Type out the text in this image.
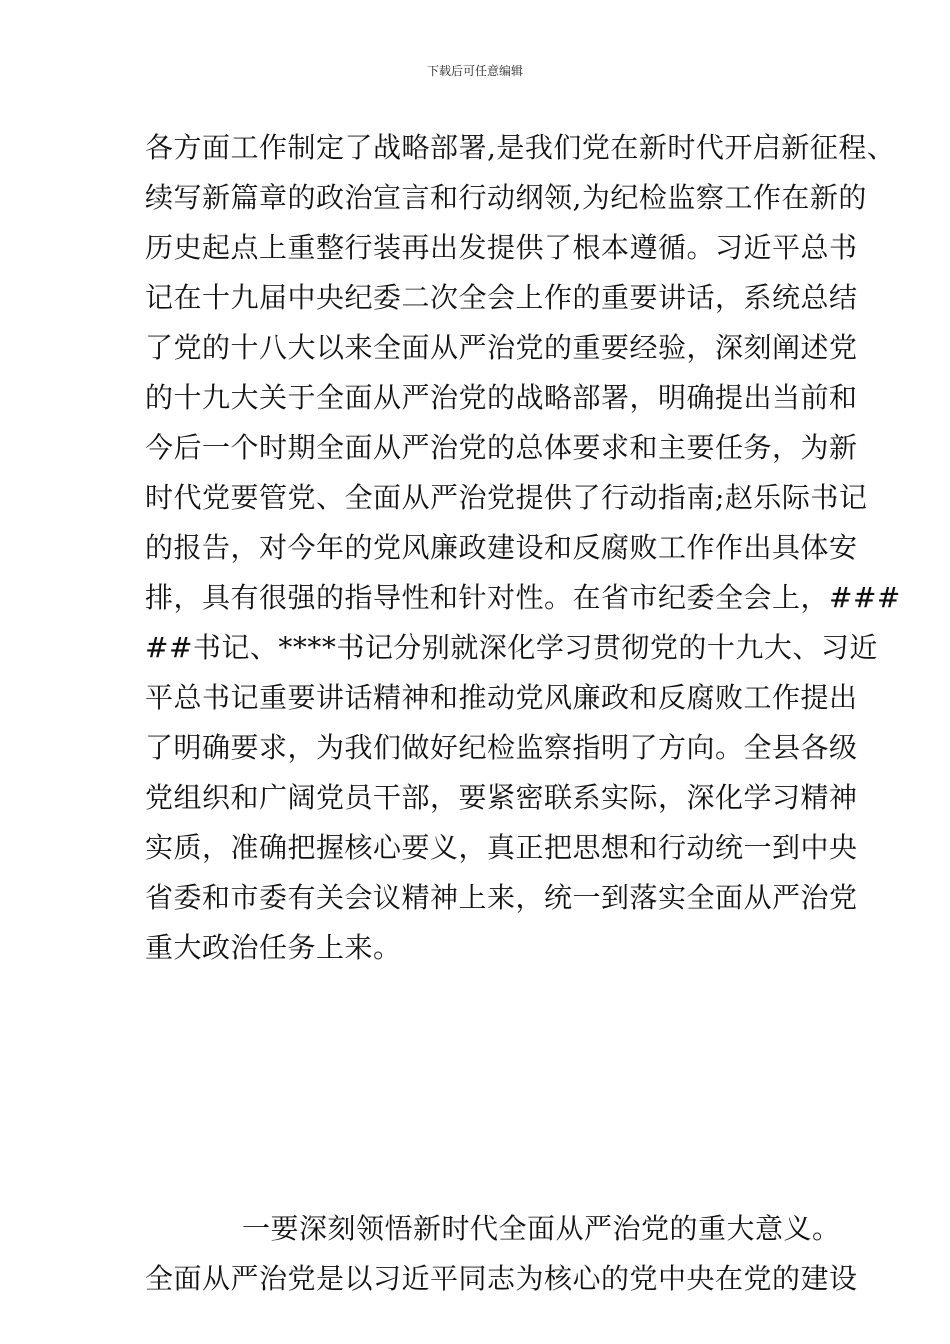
下载后可任意编辑
各方面工作制定了战略部署,是我们党在新时代开启新征程、
续写新篇章的政治宣言和行动纲领,为纪检监察工作在新的
历史起点上重整行装再出发提供了根本遵循。习近平总书
记在十九届中央纪委二次全会上作的重要讲话，系统总结
了党的十八大以来全面从严治党的重要经验，深刻阐述党
的十九大关于全面从严治党的战略部署，明确提出当前和
今后一个时期全面从严治党的总体要求和主要任务，为新
时代党要管党、全面从严治党提供了行动指南;赵乐际书记
的报告，对今年的党风廉政建设和反腐败工作作出具体安
排，具有很强的指导性和针对性。在省市纪委全会上，###
##书记、****书记分别就深化学习贯彻党的十九大、习近
平总书记重要讲话精神和推动党风廉政和反腐败工作提出
了明确要求，为我们做好纪检监察指明了方向。全县各级
党组织和广阔党员干部，要紧密联系实际，深化学习精神
实质，准确把握核心要义，真正把思想和行动统一到中央
省委和市委有关会议精神上来，统一到落实全面从严治党
重大政治任务上来。
一要深刻领悟新时代全面从严治党的重大意义。
全面从严治党是以习近平同志为核心的党中央在党的建设
